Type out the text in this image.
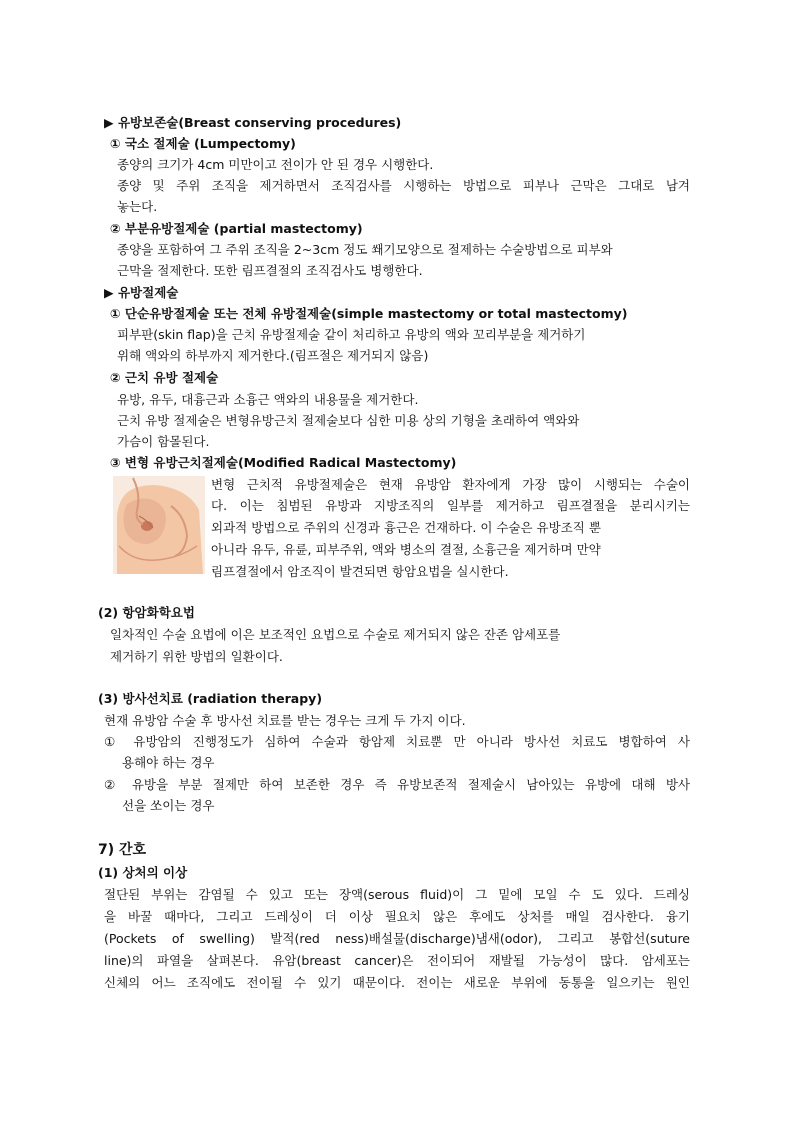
▶ 유방보존술(Breast conserving procedures)
① 국소 절제술 (Lumpectomy)
종양의 크기가 4cm 미만이고 전이가 안 된 경우 시행한다.
종양 및 주위 조직을 제거하면서 조직검사를 시행하는 방법으로 피부나 근막은 그대로 남겨
놓는다.
② 부분유방절제술 (partial mastectomy)
종양을 포함하여 그 주위 조직을 2~3cm 정도 쐐기모양으로 절제하는 수술방법으로 피부와
근막을 절제한다. 또한 림프결절의 조직검사도 병행한다.
▶ 유방절제술
① 단순유방절제술 또는 전체 유방절제술(simple mastectomy or total mastectomy)
피부판(skin flap)을 근치 유방절제술 같이 처리하고 유방의 액와 꼬리부분을 제거하기
위해 액와의 하부까지 제거한다.(림프절은 제거되지 않음)
② 근치 유방 절제술
유방, 유두, 대흉근과 소흉근 액와의 내용물을 제거한다.
근치 유방 절제술은 변형유방근치 절제술보다 심한 미용 상의 기형을 초래하여 액와와
가슴이 함몰된다.
③ 변형 유방근치절제술(Modified Radical Mastectomy)
변형 근치적 유방절제술은 현재 유방암 환자에게 가장 많이 시행되는 수술이
다. 이는 침범된 유방과 지방조직의 일부를 제거하고 림프결절을 분리시키는
외과적 방법으로 주위의 신경과 흉근은 건재하다. 이 수술은 유방조직 뿐
아니라 유두, 유륜, 피부주위, 액와 병소의 결절, 소흉근을 제거하며 만약
림프결절에서 암조직이 발견되면 항암요법을 실시한다.
(2) 항암화학요법
일차적인 수술 요법에 이은 보조적인 요법으로 수술로 제거되지 않은 잔존 암세포를
제거하기 위한 방법의 일환이다.
(3) 방사선치료 (radiation therapy)
현재 유방암 수술 후 방사선 치료를 받는 경우는 크게 두 가지 이다.
① 유방암의 진행정도가 심하여 수술과 항암제 치료뿐 만 아니라 방사선 치료도 병합하여 사
용해야 하는 경우
② 유방을 부분 절제만 하여 보존한 경우 즉 유방보존적 절제술시 남아있는 유방에 대해 방사
선을 쏘이는 경우
7) 간호
(1) 상처의 이상
절단된 부위는 감염될 수 있고 또는 장액(serous fluid)이 그 밑에 모일 수 도 있다. 드레싱
을 바꿀 때마다, 그리고 드레싱이 더 이상 필요치 않은 후에도 상처를 매일 검사한다. 융기
(Pockets of swelling) 발적(red ness)배설물(discharge)냄새(odor), 그리고 봉합선(suture
line)의 파열을 살펴본다. 유암(breast cancer)은 전이되어 재발될 가능성이 많다. 암세포는
신체의 어느 조직에도 전이될 수 있기 때문이다. 전이는 새로운 부위에 동통을 일으키는 원인
